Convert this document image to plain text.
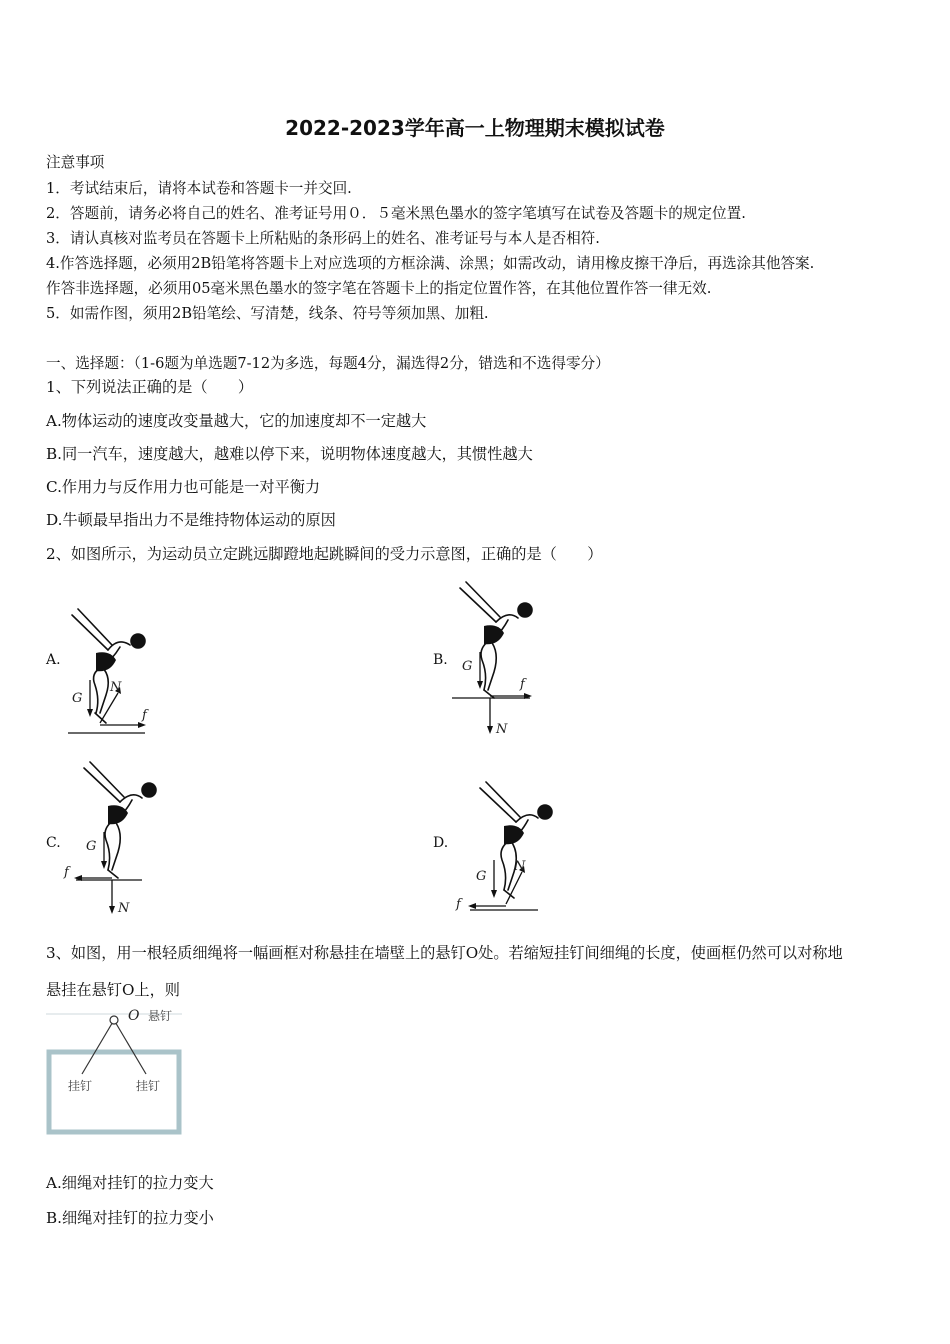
2022-2023学年高一上物理期末模拟试卷
注意事项
1．考试结束后，请将本试卷和答题卡一并交回.
2．答题前，请务必将自己的姓名、准考证号用０．５毫米黑色墨水的签字笔填写在试卷及答题卡的规定位置.
3．请认真核对监考员在答题卡上所粘贴的条形码上的姓名、准考证号与本人是否相符.
4.作答选择题，必须用2B铅笔将答题卡上对应选项的方框涂满、涂黑；如需改动，请用橡皮擦干净后，再选涂其他答案.
作答非选择题，必须用05毫米黑色墨水的签字笔在答题卡上的指定位置作答，在其他位置作答一律无效.
5．如需作图，须用2B铅笔绘、写清楚，线条、符号等须加黑、加粗.
一、选择题：（1-6题为单选题7-12为多选，每题4分，漏选得2分，错选和不选得零分）
1、下列说法正确的是（　　）
A.物体运动的速度改变量越大，它的加速度却不一定越大
B.同一汽车，速度越大，越难以停下来，说明物体速度越大，其惯性越大
C.作用力与反作用力也可能是一对平衡力
D.牛顿最早指出力不是维持物体运动的原因
2、如图所示，为运动员立定跳远脚蹬地起跳瞬间的受力示意图，正确的是（　　）
A.	B.
C.	D.
G
N
f
G
N
f
G
N
f	G
N
f
3、如图，用一根轻质细绳将一幅画框对称悬挂在墙壁上的悬钉O处。若缩短挂钉间细绳的长度，使画框仍然可以对称地
悬挂在悬钉O上，则
O 悬钉
挂钉	挂钉
A.细绳对挂钉的拉力变大
B.细绳对挂钉的拉力变小
